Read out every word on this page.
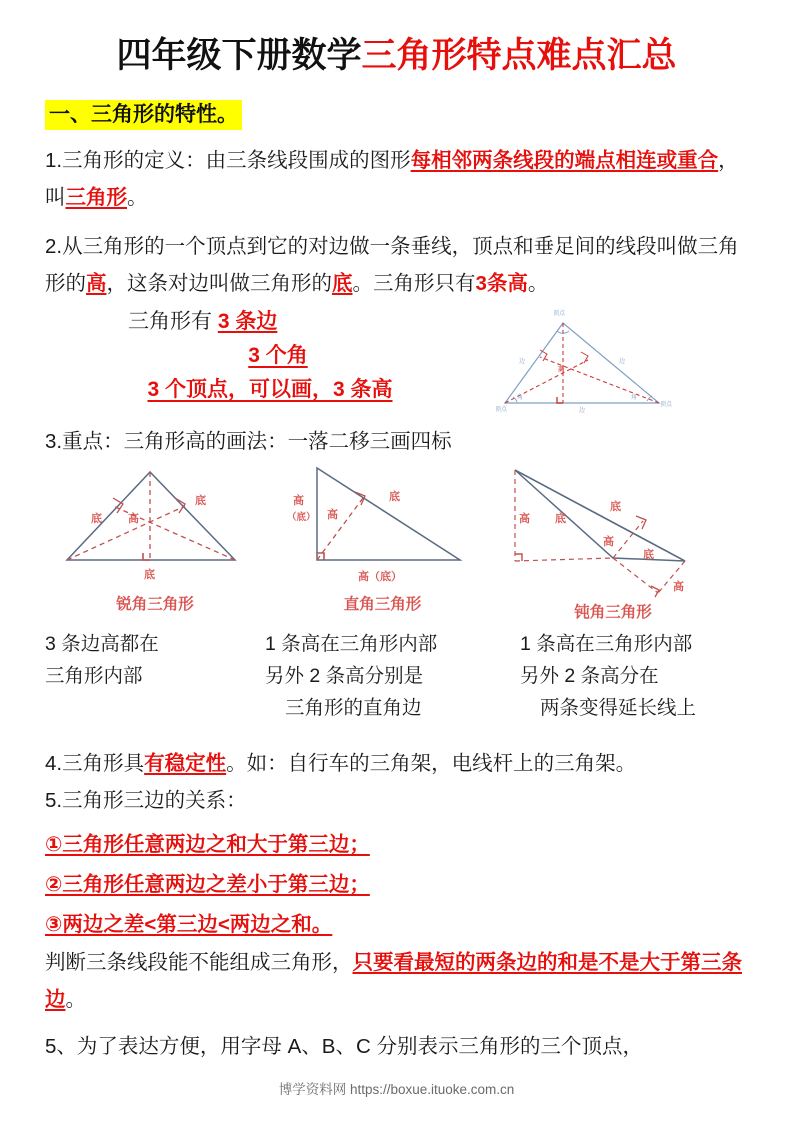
四年级下册数学三角形特点难点汇总
一、三角形的特性。
1.三角形的定义：由三条线段围成的图形每相邻两条线段的端点相连或重合，叫三角形。
2.从三角形的一个顶点到它的对边做一条垂线，顶点和垂足间的线段叫做三角形的高，这条对边叫做三角形的底。三角形只有3条高。
三角形有 3 条边
3 个角
3 个顶点，可以画，3 条高
顶点
顶点
顶点
边	边
边
角	角
高
3.重点：三角形高的画法：一落二移三画四标
底
底
底
高
锐角三角形
高
（底） 高
底
高（底）
直角三角形
高 底
底
高
底
高
钝角三角形
3 条边高都在
三角形内部
1 条高在三角形内部
另外 2 条高分别是
三角形的直角边
1 条高在三角形内部
另外 2 条高分在
两条变得延长线上
4.三角形具有稳定性。如：自行车的三角架，电线杆上的三角架。
5.三角形三边的关系：
①三角形任意两边之和大于第三边；
②三角形任意两边之差小于第三边；
③两边之差<第三边<两边之和。
判断三条线段能不能组成三角形，只要看最短的两条边的和是不是大于第三条边。
5、为了表达方便，用字母 A、B、C 分别表示三角形的三个顶点，
博学资料网 https://boxue.ituoke.com.cn
